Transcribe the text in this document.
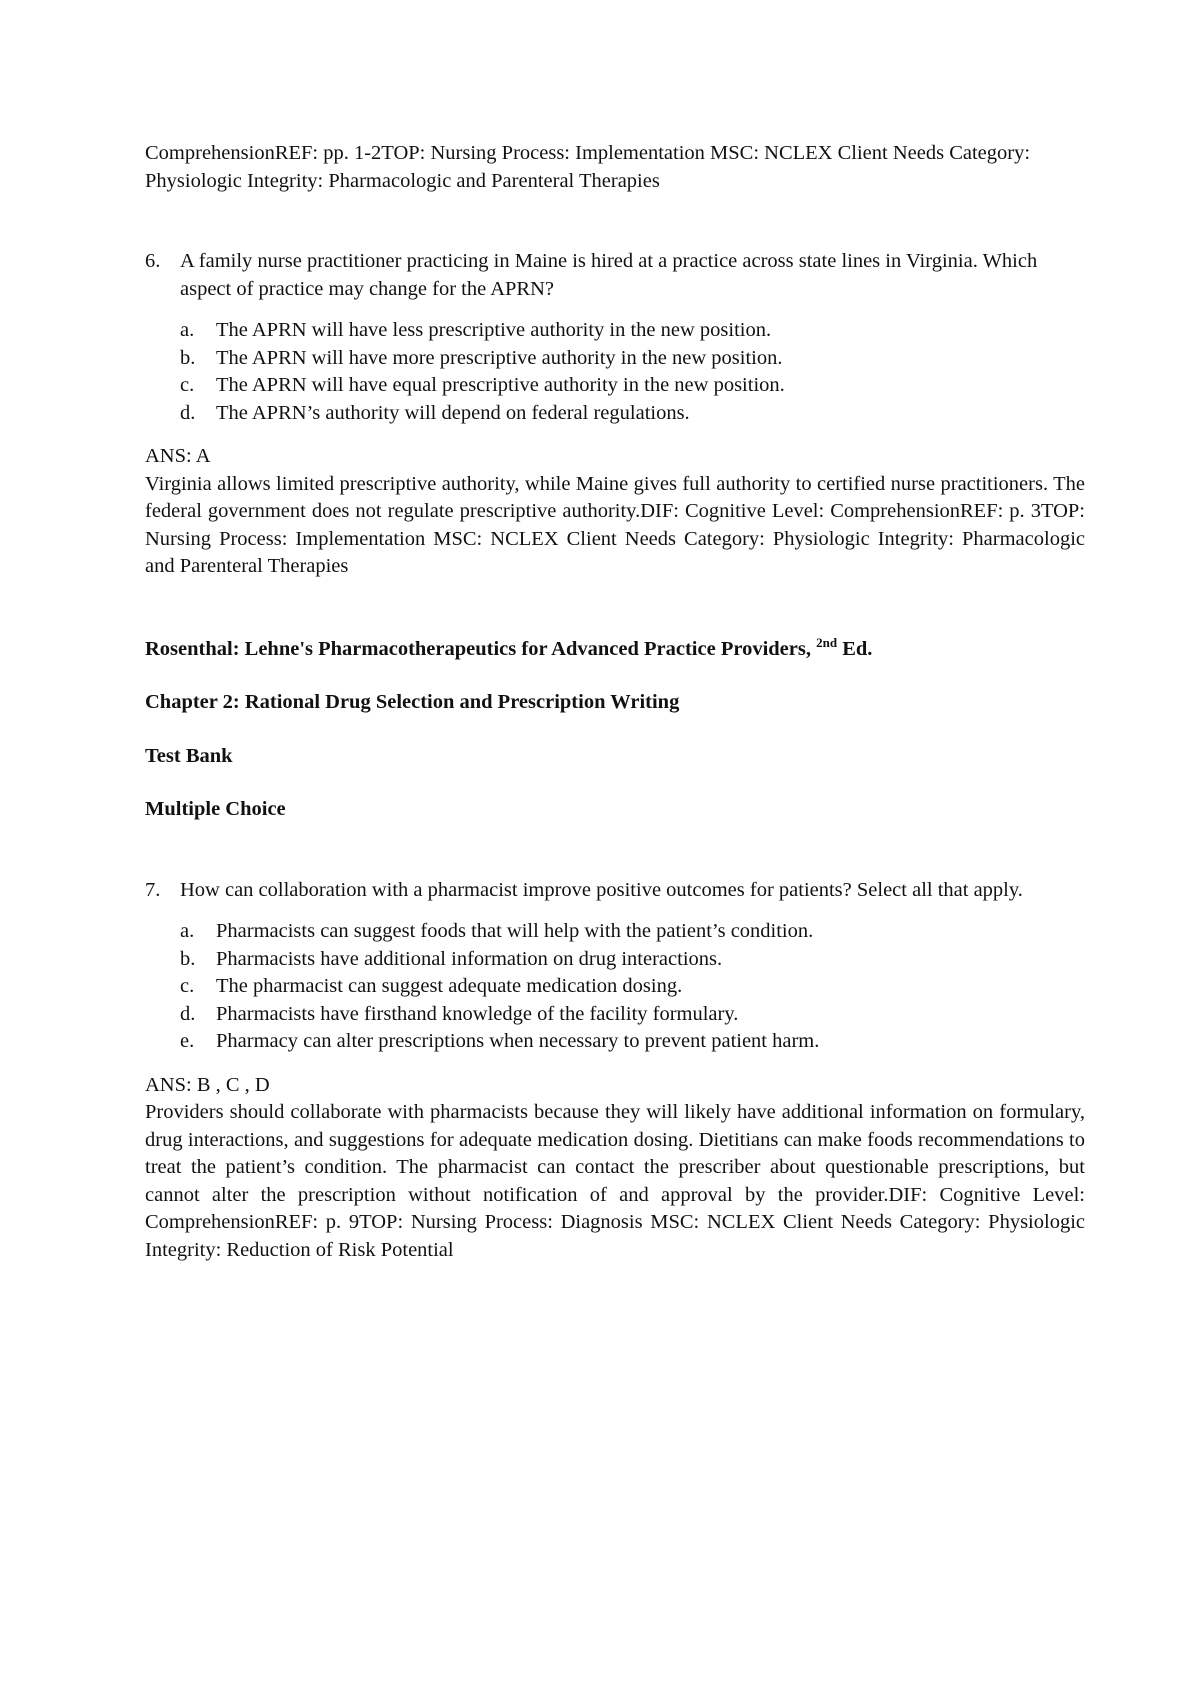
ComprehensionREF: pp. 1-2TOP: Nursing Process: Implementation MSC: NCLEX Client Needs Category: Physiologic Integrity: Pharmacologic and Parenteral Therapies

6. A family nurse practitioner practicing in Maine is hired at a practice across state lines in Virginia. Which aspect of practice may change for the APRN?
a.	The APRN will have less prescriptive authority in the new position.
b.	The APRN will have more prescriptive authority in the new position.
c.	The APRN will have equal prescriptive authority in the new position.
d.	The APRN’s authority will depend on federal regulations.

ANS: A

Virginia allows limited prescriptive authority, while Maine gives full authority to certified nurse practitioners. The federal government does not regulate prescriptive authority.DIF: Cognitive Level: ComprehensionREF: p. 3TOP: Nursing Process: Implementation MSC: NCLEX Client Needs Category: Physiologic Integrity: Pharmacologic and Parenteral Therapies

Rosenthal: Lehne's Pharmacotherapeutics for Advanced Practice Providers, $^{2nd}$ Ed.

Chapter 2: Rational Drug Selection and Prescription Writing

Test Bank

Multiple Choice

7. How can collaboration with a pharmacist improve positive outcomes for patients? Select all that apply.
a.	Pharmacists can suggest foods that will help with the patient’s condition.
b.	Pharmacists have additional information on drug interactions.
c.	The pharmacist can suggest adequate medication dosing.
d.	Pharmacists have firsthand knowledge of the facility formulary.
e.	Pharmacy can alter prescriptions when necessary to prevent patient harm.

ANS: B , C , D

Providers should collaborate with pharmacists because they will likely have additional information on formulary, drug interactions, and suggestions for adequate medication dosing. Dietitians can make foods recommendations to treat the patient’s condition. The pharmacist can contact the prescriber about questionable prescriptions, but cannot alter the prescription without notification of and approval by the provider.DIF: Cognitive Level: ComprehensionREF: p. 9TOP: Nursing Process: Diagnosis MSC: NCLEX Client Needs Category: Physiologic Integrity: Reduction of Risk Potential
